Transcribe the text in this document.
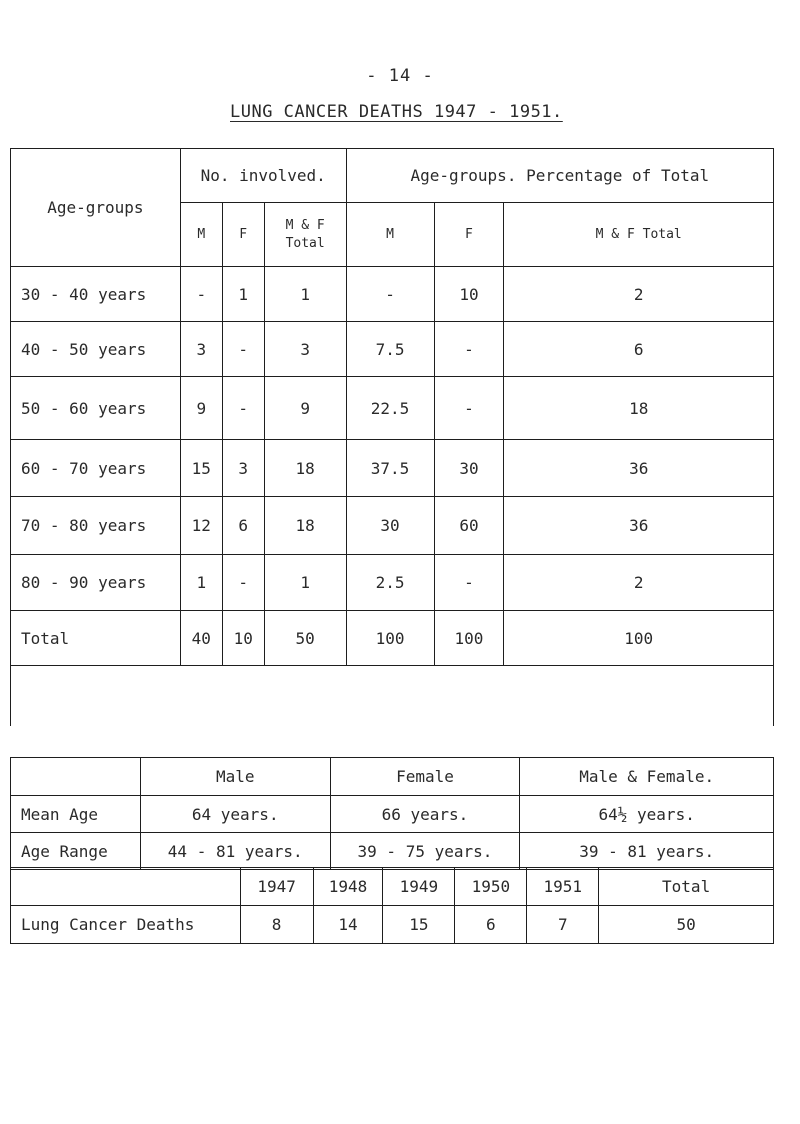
- 14 -
LUNG CANCER DEATHS 1947 - 1951.
Age-groups	No. involved.			Age-groups. Percentage of Total		
	M	F	M & F Total	M	F	M & F Total
30 - 40 years	-	1	1	-	10	2
40 - 50 years	3	-	3	7.5	-	6
50 - 60 years	9	-	9	22.5	-	18
60 - 70 years	15	3	18	37.5	30	36
70 - 80 years	12	6	18	30	60	36
80 - 90 years	1	-	1	2.5	-	2
Total	40	10	50	100	100	100

	Male	Female	Male & Female.
Mean Age	64 years.	66 years.	64½ years.
Age Range	44 - 81 years.	39 - 75 years.	39 - 81 years.

	1947	1948	1949	1950	1951	Total
Lung Cancer Deaths	8	14	15	6	7	50
